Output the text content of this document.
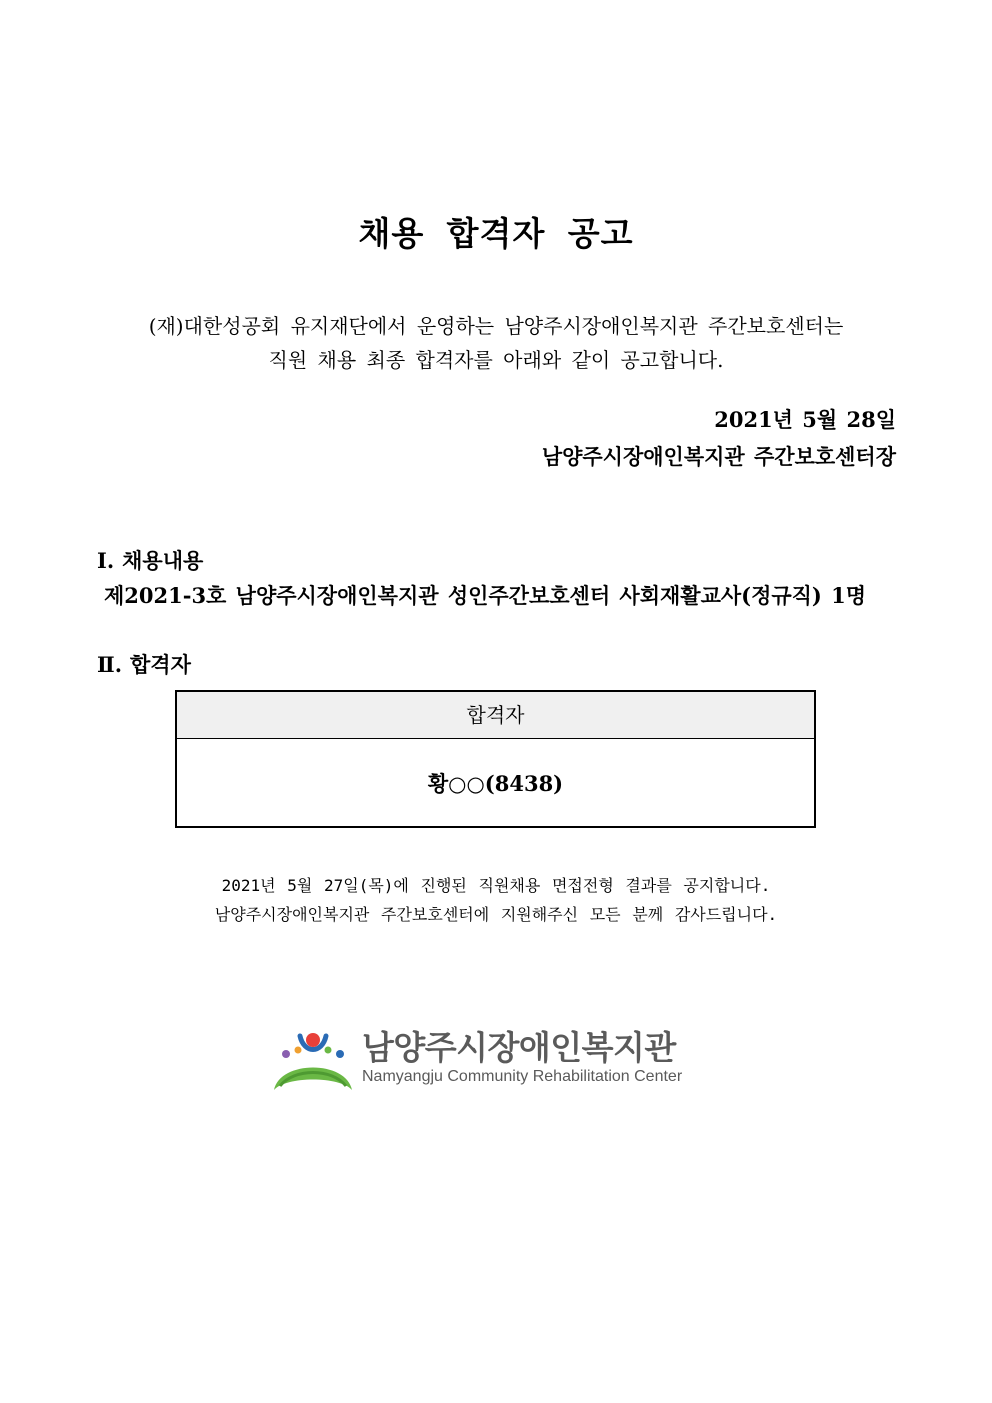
채용 합격자 공고
(재)대한성공회 유지재단에서 운영하는 남양주시장애인복지관 주간보호센터는
직원 채용 최종 합격자를 아래와 같이 공고합니다.
2021년 5월 28일
남양주시장애인복지관 주간보호센터장
Ⅰ. 채용내용
제2021-3호 남양주시장애인복지관 성인주간보호센터 사회재활교사(정규직) 1명
Ⅱ. 합격자
합격자
황○○(8438)
2021년 5월 27일(목)에 진행된 직원채용 면접전형 결과를 공지합니다.
남양주시장애인복지관 주간보호센터에 지원해주신 모든 분께 감사드립니다.
남양주시장애인복지관
Namyangju Community Rehabilitation Center
